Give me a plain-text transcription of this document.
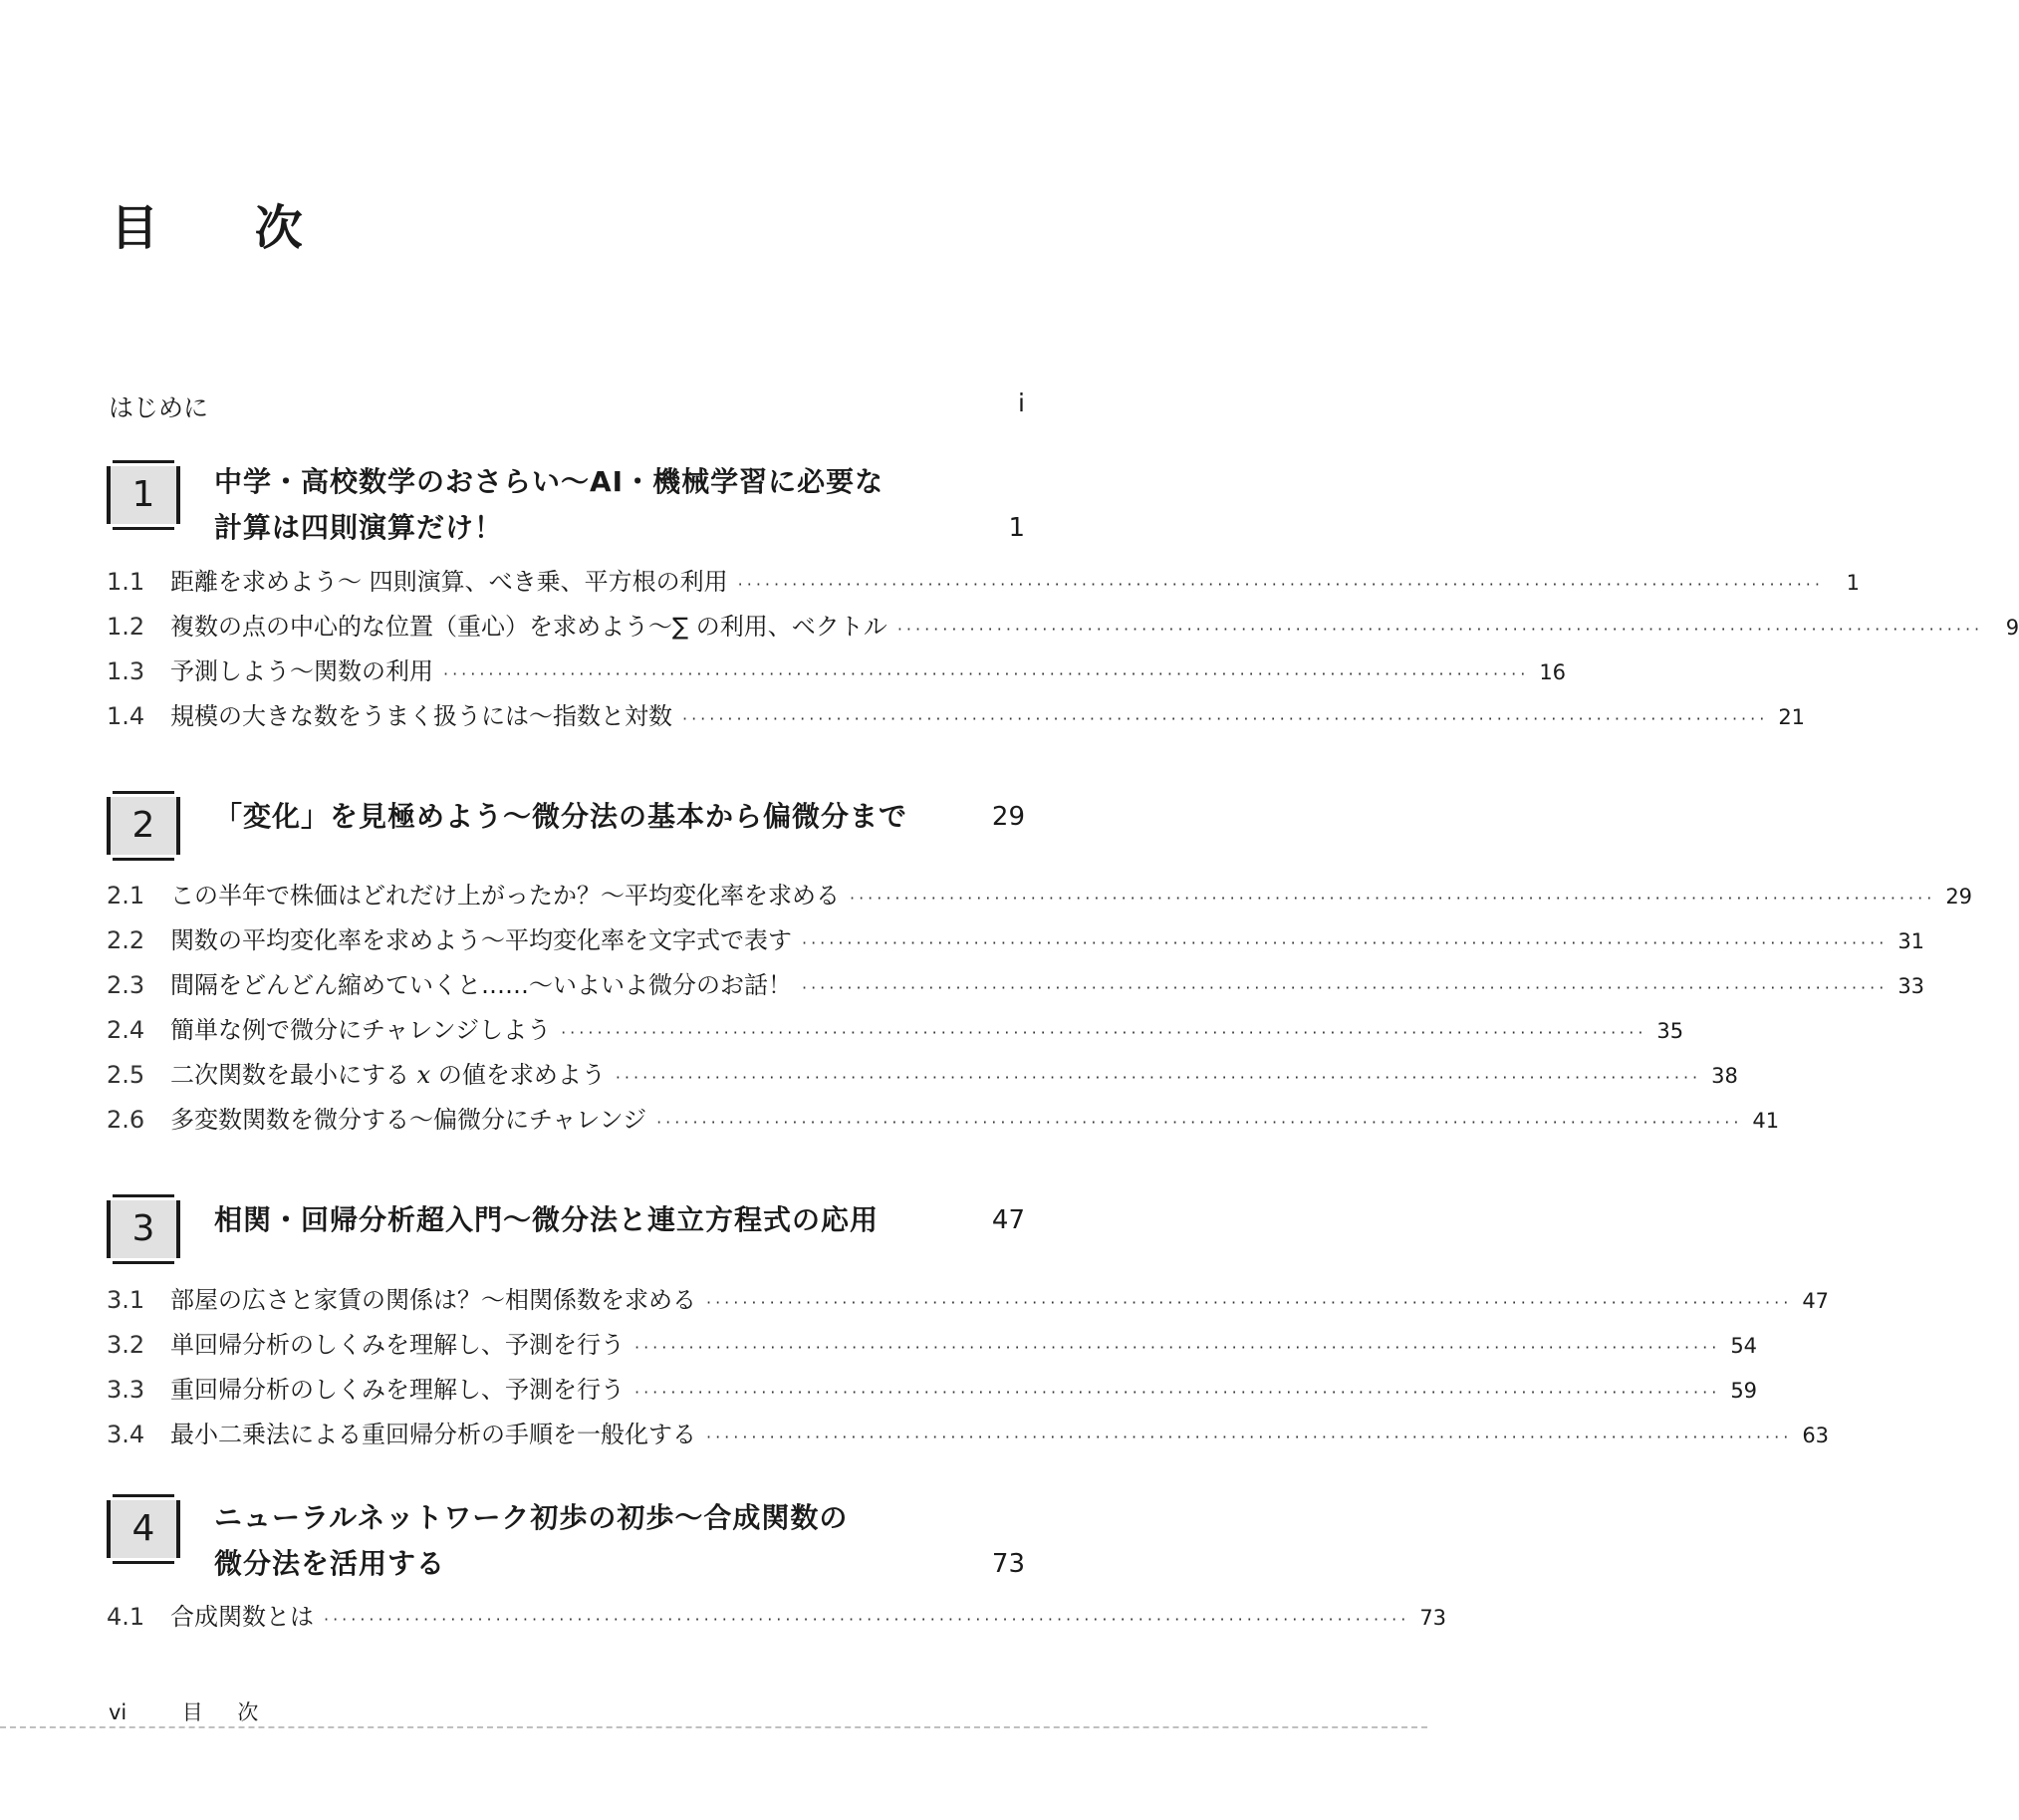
目 次
はじめに	i
1	中学・高校数学のおさらい～AI・機械学習に必要な
計算は四則演算だけ！	1
1.1	距離を求めよう～ 四則演算、べき乗、平方根の利用 ························································································································	1
1.2	複数の点の中心的な位置（重心）を求めよう～∑ の利用、ベクトル ························································································································	9
1.3	予測しよう～関数の利用 ························································································································ 16
1.4	規模の大きな数をうまく扱うには～指数と対数 ························································································································ 21
2	「変化」を見極めよう～微分法の基本から偏微分まで	29
2.1	この半年で株価はどれだけ上がったか？～平均変化率を求める ························································································································ 29
2.2	関数の平均変化率を求めよう～平均変化率を文字式で表す ························································································································ 31
2.3	間隔をどんどん縮めていくと……～いよいよ微分のお話！ ························································································································ 33
2.4	簡単な例で微分にチャレンジしよう ························································································································ 35
2.5	二次関数を最小にする x の値を求めよう ························································································································ 38
2.6	多変数関数を微分する～偏微分にチャレンジ ························································································································ 41
3	相関・回帰分析超入門～微分法と連立方程式の応用	47
3.1	部屋の広さと家賃の関係は？～相関係数を求める ························································································································ 47
3.2	単回帰分析のしくみを理解し、予測を行う ························································································································ 54
3.3	重回帰分析のしくみを理解し、予測を行う ························································································································ 59
3.4	最小二乗法による重回帰分析の手順を一般化する ························································································································ 63
4	ニューラルネットワーク初歩の初歩～合成関数の
微分法を活用する	73
4.1	合成関数とは ························································································································ 73
vi	目 次
